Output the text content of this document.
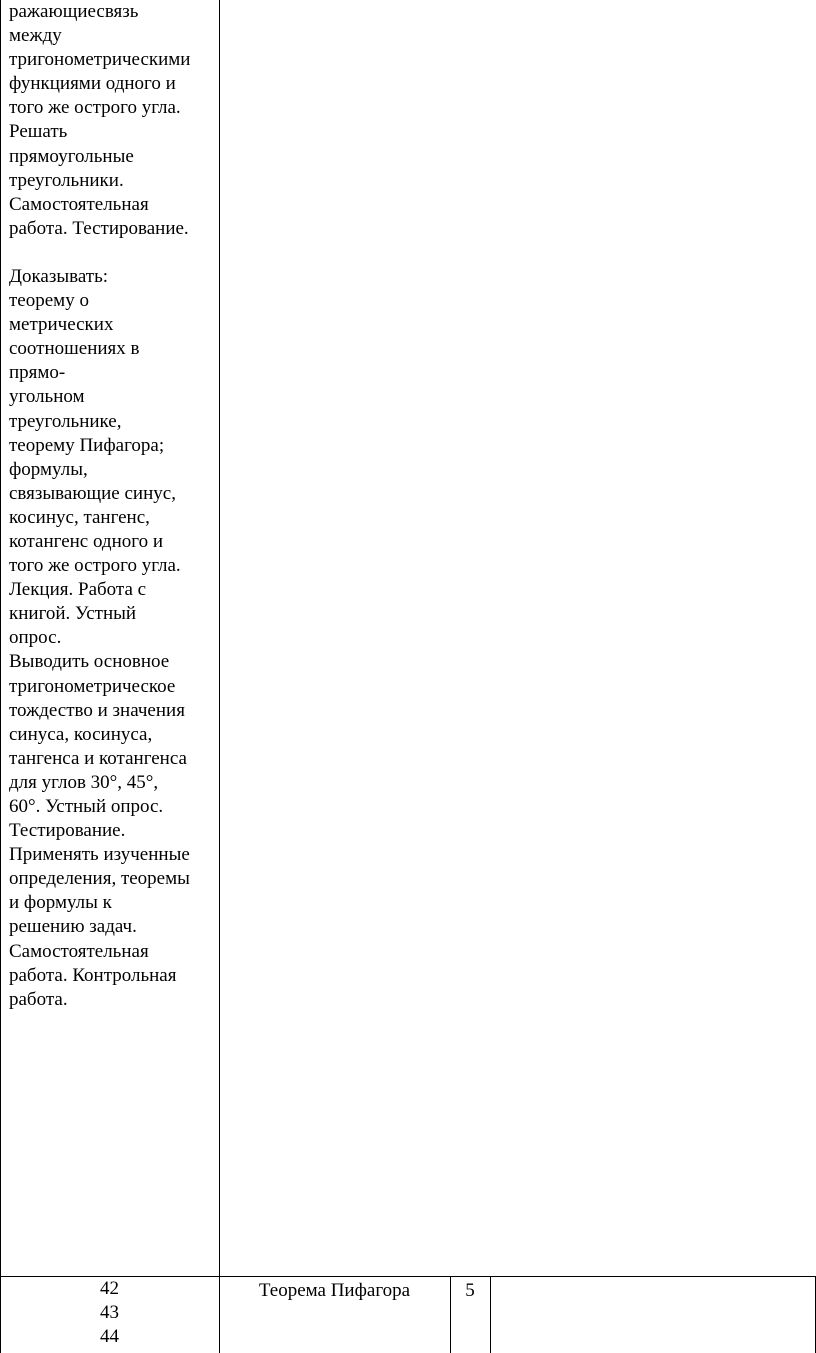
ражающиесвязь
между
тригонометрическими
функциями одного и
того же острого угла.
Решать
прямоугольные
треугольники.
Самостоятельная
работа. Тестирование.
Доказывать:
теорему о
метрических
соотношениях в
прямо-
угольном
треугольнике,
теорему Пифагора;
формулы,
связывающие синус,
косинус, тангенс,
котангенс одного и
того же острого угла.
Лекция. Работа с
книгой. Устный
опрос.
Выводить основное
тригонометрическое
тождество и значения
синуса, косинуса,
тангенса и котангенса
для углов 30°, 45°,
60°. Устный опрос.
Тестирование.
Применять изученные
определения, теоремы
и формулы к
решению задач.
Самостоятельная
работа. Контрольная
работа.
42
43
44
Теорема Пифагора	5
